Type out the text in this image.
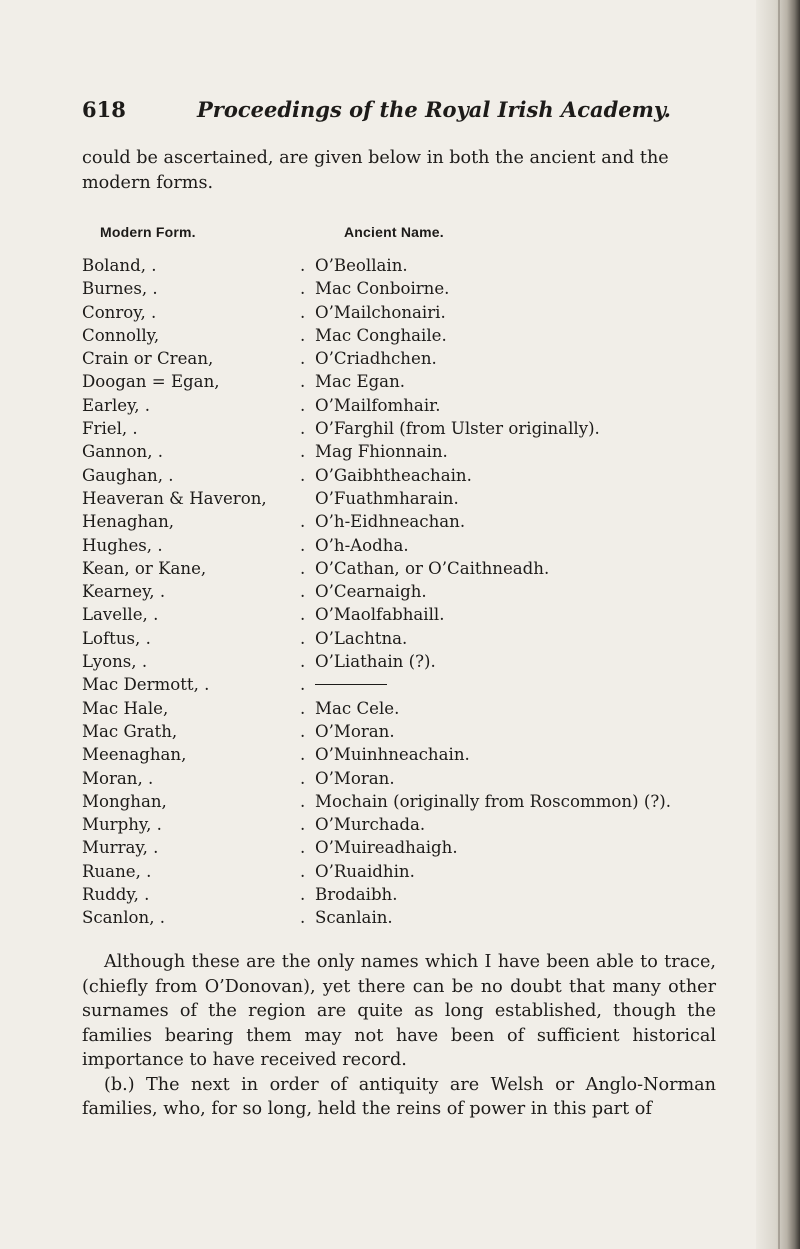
618	Proceedings of the Royal Irish Academy.

could be ascertained, are given below in both the ancient and the modern forms.

Modern Form.	Ancient Name.
Boland, .	. O’Beollain.
Burnes, .	. Mac Conboirne.
Conroy, .	. O’Mailchonairi.
Connolly,	. Mac Conghaile.
Crain or Crean,	. O’Criadhchen.
Doogan = Egan,	. Mac Egan.
Earley, .	. O’Mailfomhair.
Friel, .	. O’Farghil (from Ulster originally).
Gannon, .	. Mag Fhionnain.
Gaughan, .	. O’Gaibhtheachain.
Heaveran & Haveron,	O’Fuathmharain.
Henaghan,	. O’h-Eidhneachan.
Hughes, .	. O’h-Aodha.
Kean, or Kane,	. O’Cathan, or O’Caithneadh.
Kearney, .	. O’Cearnaigh.
Lavelle, .	. O’Maolfabhaill.
Loftus, .	. O’Lachtna.
Lyons, .	. O’Liathain (?).
Mac Dermott, .	.
Mac Hale,	. Mac Cele.
Mac Grath,	. O’Moran.
Meenaghan,	. O’Muinhneachain.
Moran, .	. O’Moran.
Monghan,	. Mochain (originally from Roscommon) (?).
Murphy, .	. O’Murchada.
Murray, .	. O’Muireadhaigh.
Ruane, .	. O’Ruaidhin.
Ruddy, .	. Brodaibh.
Scanlon, .	. Scanlain.

Although these are the only names which I have been able to trace, (chiefly from O’Donovan), yet there can be no doubt that many other surnames of the region are quite as long established, though the families bearing them may not have been of sufficient historical importance to have received record.

(b.) The next in order of antiquity are Welsh or Anglo-Norman families, who, for so long, held the reins of power in this part of
